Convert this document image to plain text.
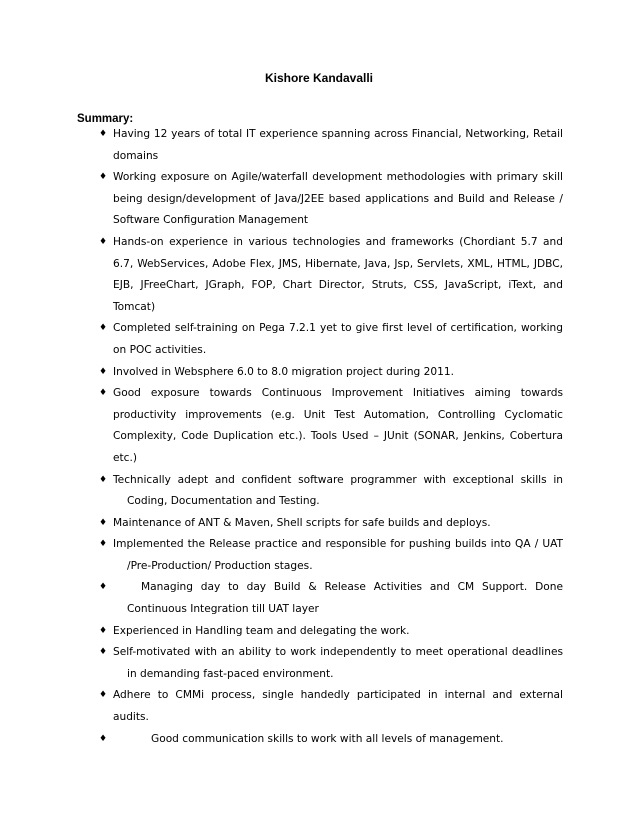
Kishore Kandavalli
Summary:
♦ Having 12 years of total IT experience spanning across Financial, Networking, Retail domains
♦ Working exposure on Agile/waterfall development methodologies with primary skill being design/development of Java/J2EE based applications and Build and Release / Software Configuration Management
♦ Hands-on experience in various technologies and frameworks (Chordiant 5.7 and 6.7, WebServices, Adobe Flex, JMS, Hibernate, Java, Jsp, Servlets, XML, HTML, JDBC, EJB, JFreeChart, JGraph, FOP, Chart Director, Struts, CSS, JavaScript, iText, and Tomcat)
♦ Completed self-training on Pega 7.2.1 yet to give first level of certification, working on POC activities.
♦ Involved in Websphere 6.0 to 8.0 migration project during 2011.
♦ Good exposure towards Continuous Improvement Initiatives aiming towards productivity improvements (e.g. Unit Test Automation, Controlling Cyclomatic Complexity, Code Duplication etc.). Tools Used – JUnit (SONAR, Jenkins, Cobertura etc.)
♦ Technically adept and confident software programmer with exceptional skills in Coding, Documentation and Testing.
♦ Maintenance of ANT & Maven, Shell scripts for safe builds and deploys.
♦ Implemented the Release practice and responsible for pushing builds into QA / UAT /Pre-Production/ Production stages.
♦	Managing day to day Build & Release Activities and CM Support. Done Continuous Integration till UAT layer
♦ Experienced in Handling team and delegating the work.
♦ Self-motivated with an ability to work independently to meet operational deadlines in demanding fast-paced environment.
♦ Adhere to CMMi process, single handedly participated in internal and external audits.
♦	Good communication skills to work with all levels of management.
